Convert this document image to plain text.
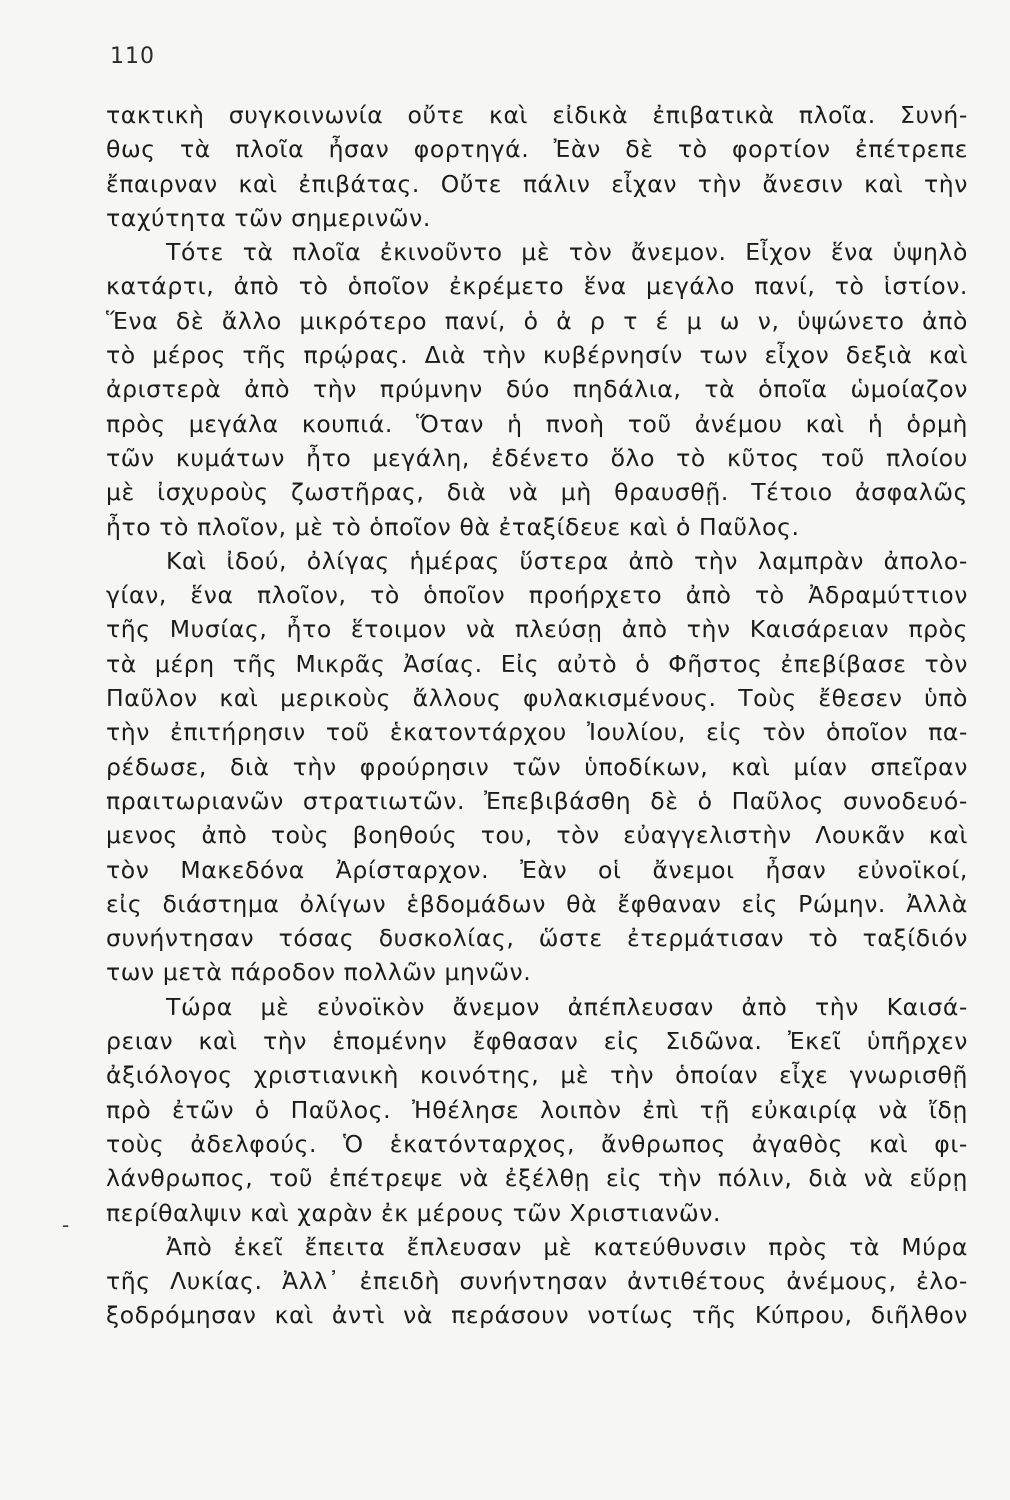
110
τακτικὴ συγκοινωνία οὔτε καὶ εἰδικὰ ἐπιβατικὰ πλοῖα. Συνή-
θως τὰ πλοῖα ἦσαν φορτηγά. Ἐὰν δὲ τὸ φορτίον ἐπέτρεπε
ἔπαιρναν καὶ ἐπιβάτας. Οὔτε πάλιν εἶχαν τὴν ἄνεσιν καὶ τὴν
ταχύτητα τῶν σημερινῶν.
Τότε τὰ πλοῖα ἐκινοῦντο μὲ τὸν ἄνεμον. Εἶχον ἕνα ὑψηλὸ
κατάρτι, ἀπὸ τὸ ὁποῖον ἐκρέμετο ἕνα μεγάλο πανί, τὸ ἱστίον.
Ἕνα δὲ ἄλλο μικρότερο πανί, ὁ ἀ ρ τ έ μ ω ν, ὑψώνετο ἀπὸ
τὸ μέρος τῆς πρῴρας. Διὰ τὴν κυβέρνησίν των εἶχον δεξιὰ καὶ
ἀριστερὰ ἀπὸ τὴν πρύμνην δύο πηδάλια, τὰ ὁποῖα ὡμοίαζον
πρὸς μεγάλα κουπιά. Ὅταν ἡ πνοὴ τοῦ ἀνέμου καὶ ἡ ὁρμὴ
τῶν κυμάτων ἦτο μεγάλη, ἐδένετο ὅλο τὸ κῦτος τοῦ πλοίου
μὲ ἰσχυροὺς ζωστῆρας, διὰ νὰ μὴ θραυσθῇ. Τέτοιο ἀσφαλῶς
ἦτο τὸ πλοῖον, μὲ τὸ ὁποῖον θὰ ἐταξίδευε καὶ ὁ Παῦλος.
Καὶ ἰδού, ὀλίγας ἡμέρας ὕστερα ἀπὸ τὴν λαμπρὰν ἀπολο-
γίαν, ἕνα πλοῖον, τὸ ὁποῖον προήρχετο ἀπὸ τὸ Ἀδραμύττιον
τῆς Μυσίας, ἦτο ἕτοιμον νὰ πλεύσῃ ἀπὸ τὴν Καισάρειαν πρὸς
τὰ μέρη τῆς Μικρᾶς Ἀσίας. Εἰς αὐτὸ ὁ Φῆστος ἐπεβίβασε τὸν
Παῦλον καὶ μερικοὺς ἄλλους φυλακισμένους. Τοὺς ἔθεσεν ὑπὸ
τὴν ἐπιτήρησιν τοῦ ἑκατοντάρχου Ἰουλίου, εἰς τὸν ὁποῖον πα-
ρέδωσε, διὰ τὴν φρούρησιν τῶν ὑποδίκων, καὶ μίαν σπεῖραν
πραιτωριανῶν στρατιωτῶν. Ἐπεβιβάσθη δὲ ὁ Παῦλος συνοδευό-
μενος ἀπὸ τοὺς βοηθούς του, τὸν εὐαγγελιστὴν Λουκᾶν καὶ
τὸν Μακεδόνα Ἀρίσταρχον. Ἐὰν οἱ ἄνεμοι ἦσαν εὐνοϊκοί,
εἰς διάστημα ὀλίγων ἑβδομάδων θὰ ἔφθαναν εἰς Ρώμην. Ἀλλὰ
συνήντησαν τόσας δυσκολίας, ὥστε ἐτερμάτισαν τὸ ταξίδιόν
των μετὰ πάροδον πολλῶν μηνῶν.
Τώρα μὲ εὐνοϊκὸν ἄνεμον ἀπέπλευσαν ἀπὸ τὴν Καισά-
ρειαν καὶ τὴν ἑπομένην ἔφθασαν εἰς Σιδῶνα. Ἐκεῖ ὑπῆρχεν
ἀξιόλογος χριστιανικὴ κοινότης, μὲ τὴν ὁποίαν εἶχε γνωρισθῇ
πρὸ ἐτῶν ὁ Παῦλος. Ἠθέλησε λοιπὸν ἐπὶ τῇ εὐκαιρίᾳ νὰ ἴδῃ
τοὺς ἀδελφούς. Ὁ ἑκατόνταρχος, ἄνθρωπος ἀγαθὸς καὶ φι-
λάνθρωπος, τοῦ ἐπέτρεψε νὰ ἐξέλθῃ εἰς τὴν πόλιν, διὰ νὰ εὕρῃ
περίθαλψιν καὶ χαρὰν ἐκ μέρους τῶν Χριστιανῶν.
Ἀπὸ ἐκεῖ ἔπειτα ἔπλευσαν μὲ κατεύθυνσιν πρὸς τὰ Μύρα
τῆς Λυκίας. Ἀλλ᾽ ἐπειδὴ συνήντησαν ἀντιθέτους ἀνέμους, ἐλο-
ξοδρόμησαν καὶ ἀντὶ νὰ περάσουν νοτίως τῆς Κύπρου, διῆλθον
-
